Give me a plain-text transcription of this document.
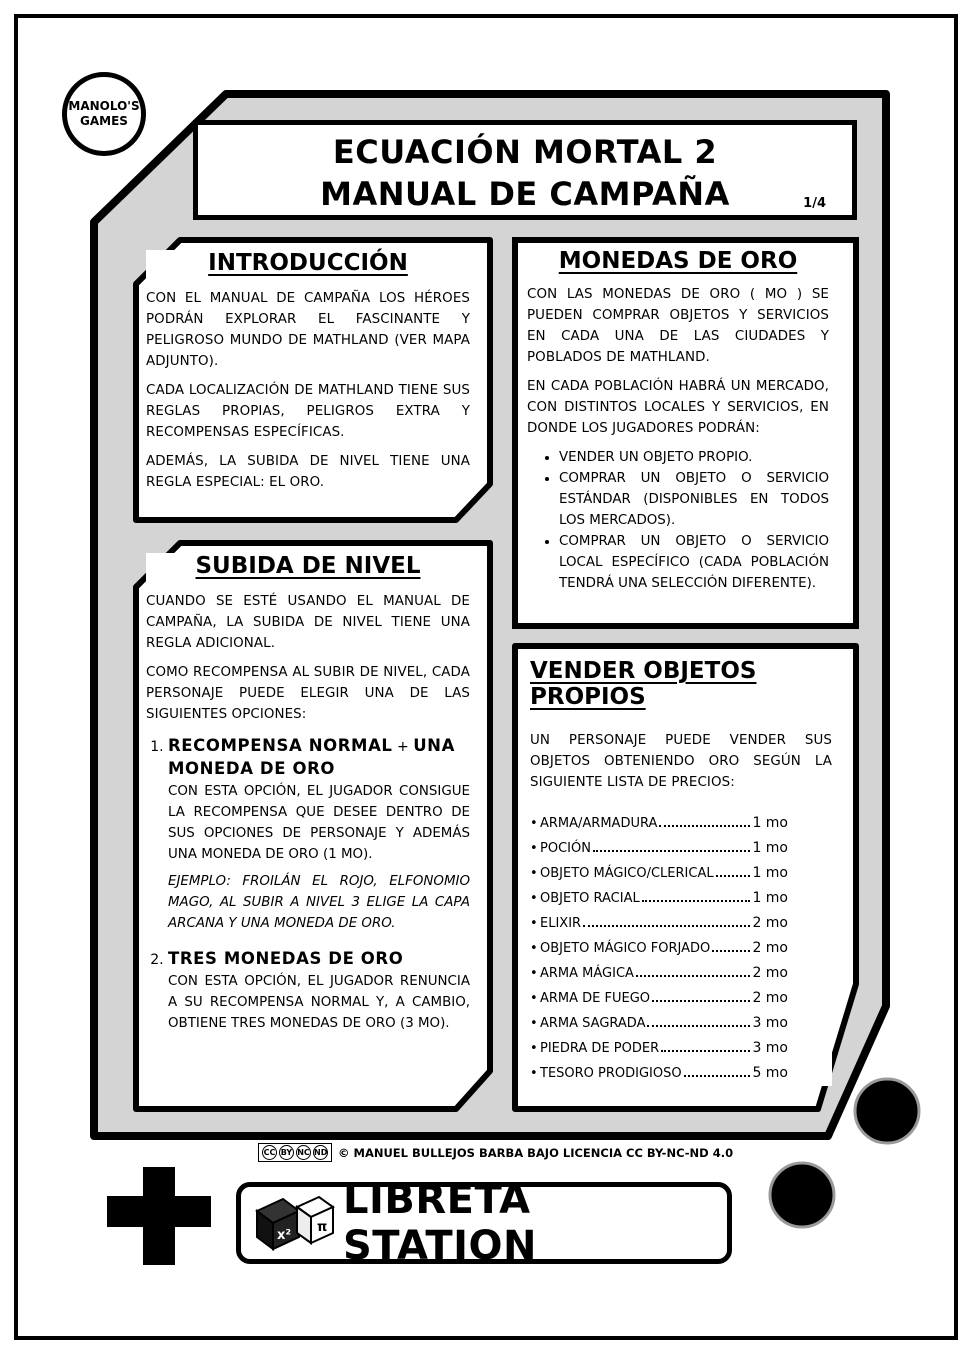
MANOLO'S
GAMES
ECUACIÓN MORTAL 2
MANUAL DE CAMPAÑA	1/4
INTRODUCCIÓN

CON EL MANUAL DE CAMPAÑA LOS HÉROES PODRÁN EXPLORAR EL FASCINANTE Y PELIGROSO MUNDO DE MATHLAND (VER MAPA ADJUNTO).

CADA LOCALIZACIÓN DE MATHLAND TIENE SUS REGLAS PROPIAS, PELIGROS EXTRA Y RECOMPENSAS ESPECÍFICAS.

ADEMÁS, LA SUBIDA DE NIVEL TIENE UNA REGLA ESPECIAL: EL ORO.

MONEDAS DE ORO

CON LAS MONEDAS DE ORO ( MO ) SE PUEDEN COMPRAR OBJETOS Y SERVICIOS EN CADA UNA DE LAS CIUDADES Y POBLADOS DE MATHLAND.

EN CADA POBLACIÓN HABRÁ UN MERCADO, CON DISTINTOS LOCALES Y SERVICIOS, EN DONDE LOS JUGADORES PODRÁN:

• VENDER UN OBJETO PROPIO.
• COMPRAR UN OBJETO O SERVICIO ESTÁNDAR (DISPONIBLES EN TODOS LOS MERCADOS).
• COMPRAR UN OBJETO O SERVICIO LOCAL ESPECÍFICO (CADA POBLACIÓN TENDRÁ UNA SELECCIÓN DIFERENTE).
SUBIDA DE NIVEL

CUANDO SE ESTÉ USANDO EL MANUAL DE CAMPAÑA, LA SUBIDA DE NIVEL TIENE UNA REGLA ADICIONAL.

COMO RECOMPENSA AL SUBIR DE NIVEL, CADA PERSONAJE PUEDE ELEGIR UNA DE LAS SIGUIENTES OPCIONES:

1. RECOMPENSA NORMAL + UNA MONEDA DE ORO
CON ESTA OPCIÓN, EL JUGADOR CONSIGUE LA RECOMPENSA QUE DESEE DENTRO DE SUS OPCIONES DE PERSONAJE Y ADEMÁS UNA MONEDA DE ORO (1 MO).
EJEMPLO: FROILÁN EL ROJO, ELFONOMIO MAGO, AL SUBIR A NIVEL 3 ELIGE LA CAPA ARCANA Y UNA MONEDA DE ORO.
2. TRES MONEDAS DE ORO
CON ESTA OPCIÓN, EL JUGADOR RENUNCIA A SU RECOMPENSA NORMAL Y, A CAMBIO, OBTIENE TRES MONEDAS DE ORO (3 MO).
VENDER OBJETOS PROPIOS

UN PERSONAJE PUEDE VENDER SUS OBJETOS OBTENIENDO ORO SEGÚN LA SIGUIENTE LISTA DE PRECIOS:

• ARMA/ARMADURA	1 mo
• POCIÓN	1 mo
• OBJETO MÁGICO/CLERICAL	1 mo
• OBJETO RACIAL	1 mo
• ELIXIR	2 mo
• OBJETO MÁGICO FORJADO	2 mo
• ARMA MÁGICA	2 mo
• ARMA DE FUEGO	2 mo
• ARMA SAGRADA	3 mo
• PIEDRA DE PODER	3 mo
• TESORO PRODIGIOSO	5 mo
CC BY NC ND © MANUEL BULLEJOS BARBA BAJO LICENCIA CC BY-NC-ND 4.0
x²
π
LIBRETA STATION
